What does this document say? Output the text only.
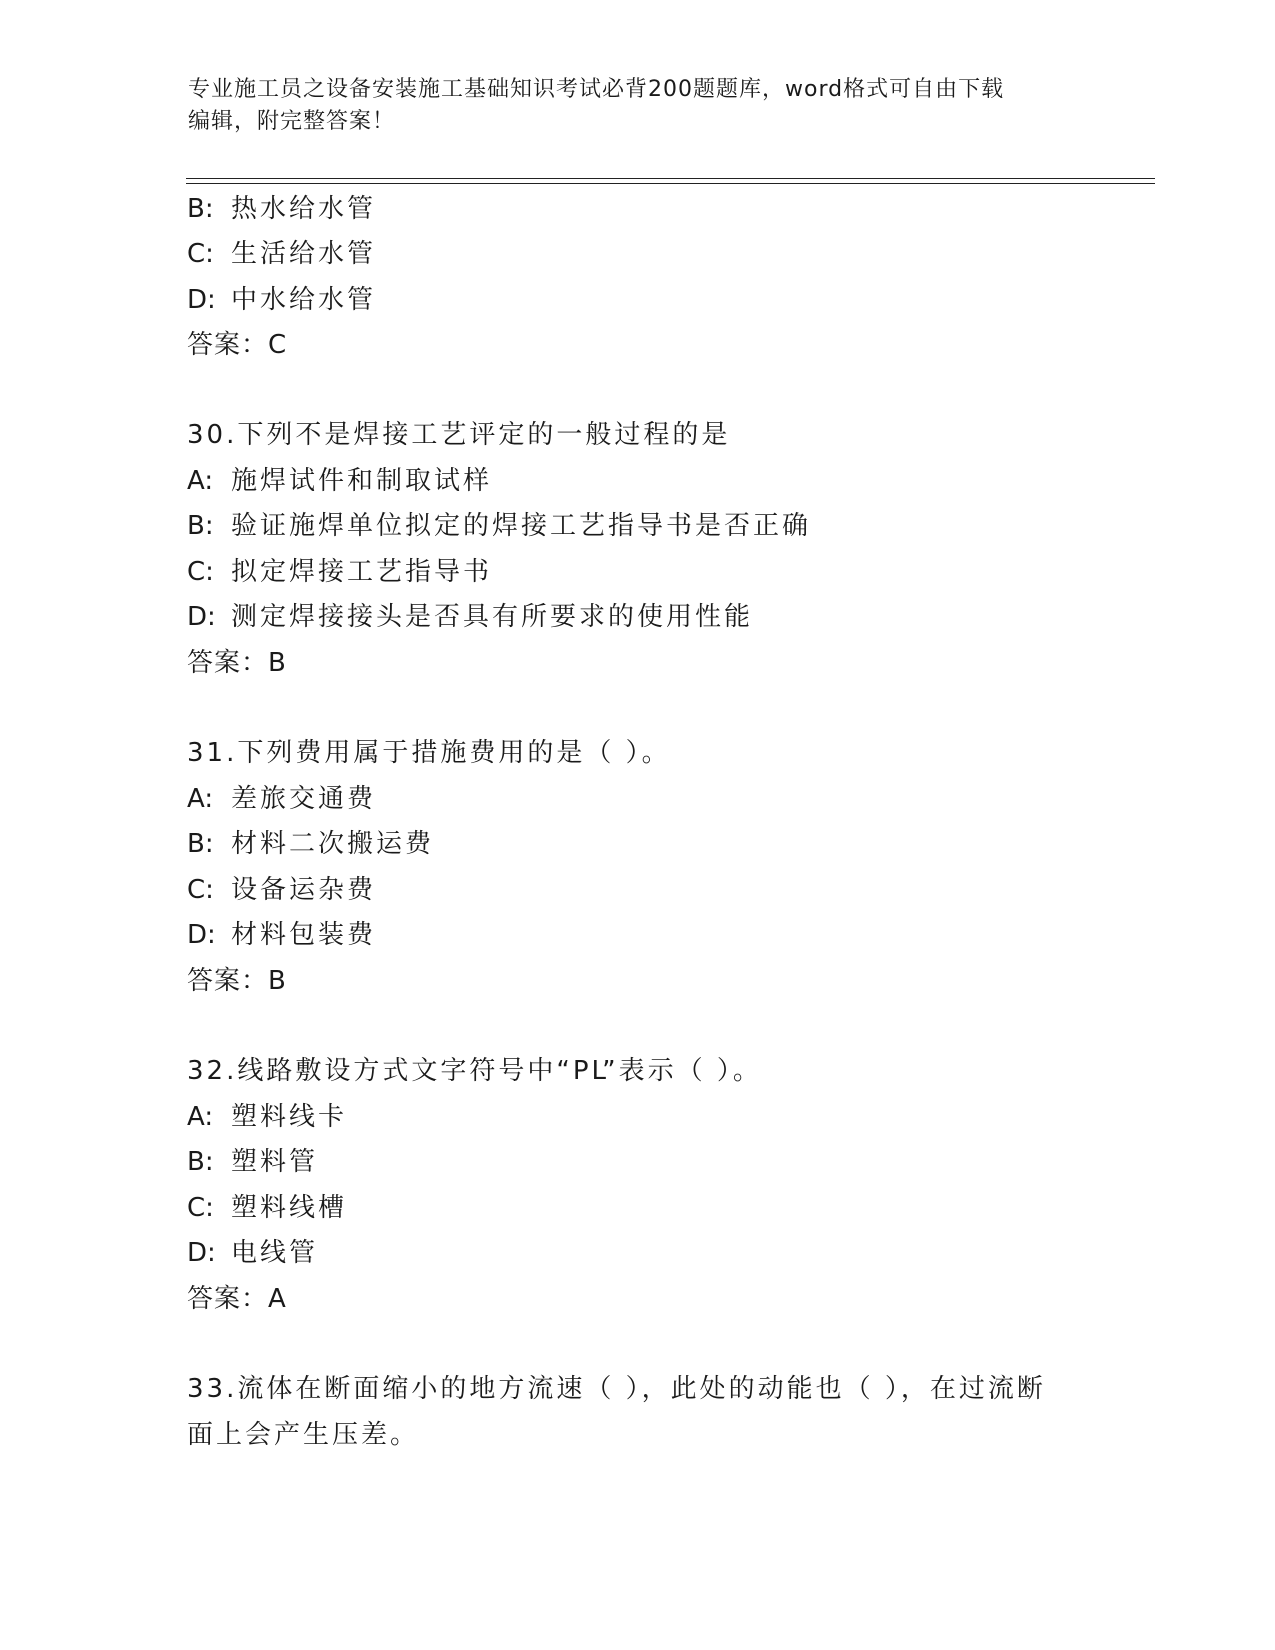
专业施工员之设备安装施工基础知识考试必背200题题库，word格式可自由下载
编辑，附完整答案！
B: 热水给水管
C: 生活给水管
D: 中水给水管
答案：C
30.下列不是焊接工艺评定的一般过程的是
A: 施焊试件和制取试样
B: 验证施焊单位拟定的焊接工艺指导书是否正确
C: 拟定焊接工艺指导书
D: 测定焊接接头是否具有所要求的使用性能
答案：B
31.下列费用属于措施费用的是（ ）。
A: 差旅交通费
B: 材料二次搬运费
C: 设备运杂费
D: 材料包装费
答案：B
32.线路敷设方式文字符号中“PL”表示（ ）。
A: 塑料线卡
B: 塑料管
C: 塑料线槽
D: 电线管
答案：A
33.流体在断面缩小的地方流速（ ），此处的动能也（ ），在过流断
面上会产生压差。
